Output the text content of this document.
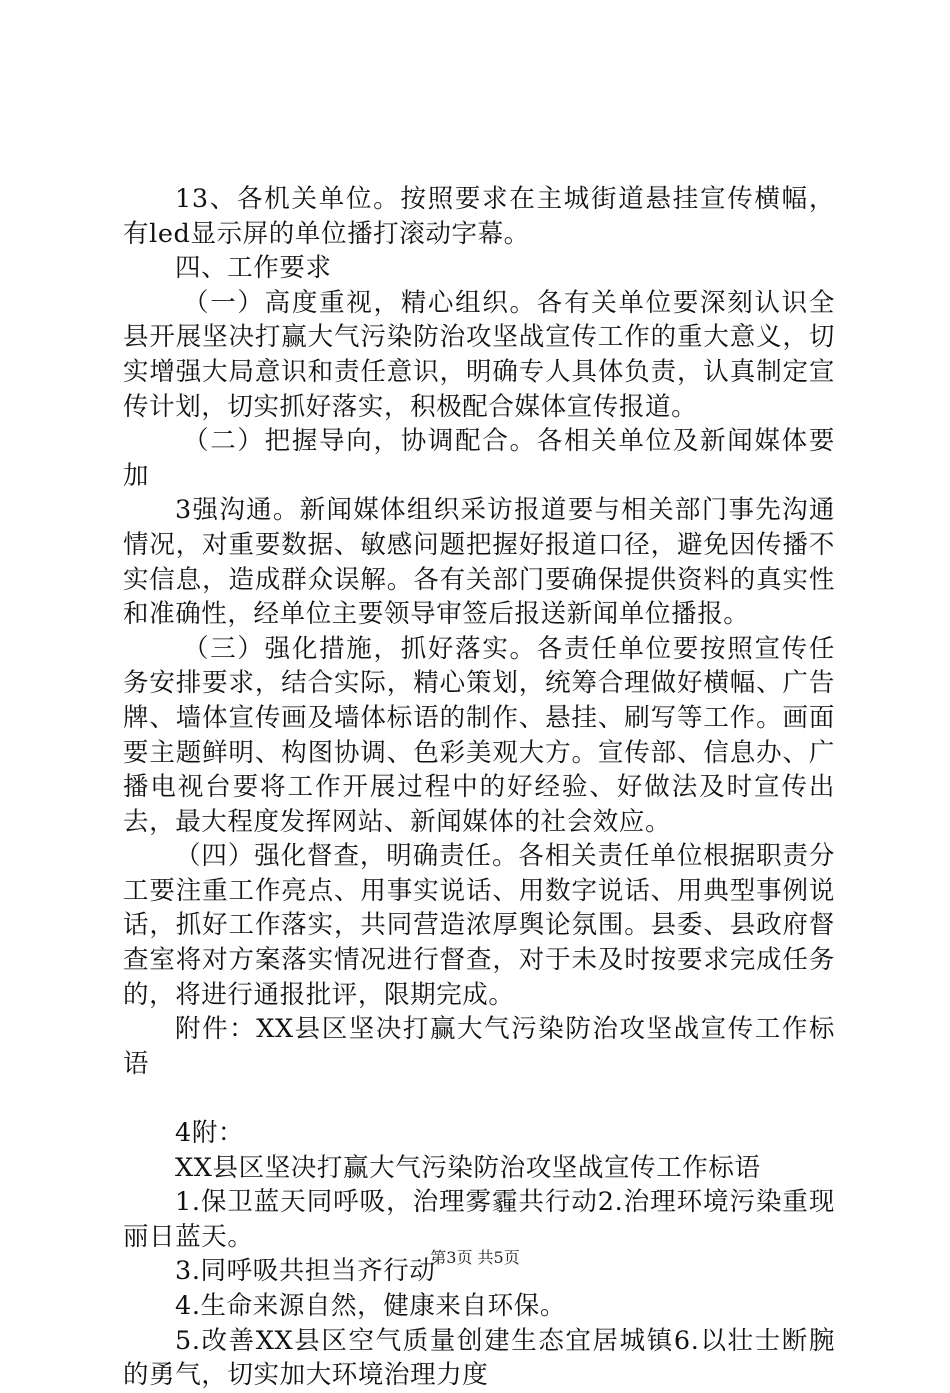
13、各机关单位。按照要求在主城街道悬挂宣传横幅，有led显示屏的单位播打滚动字幕。

四、工作要求

（一）高度重视，精心组织。各有关单位要深刻认识全县开展坚决打赢大气污染防治攻坚战宣传工作的重大意义，切实增强大局意识和责任意识，明确专人具体负责，认真制定宣传计划，切实抓好落实，积极配合媒体宣传报道。

（二）把握导向，协调配合。各相关单位及新闻媒体要加

3强沟通。新闻媒体组织采访报道要与相关部门事先沟通情况，对重要数据、敏感问题把握好报道口径，避免因传播不实信息，造成群众误解。各有关部门要确保提供资料的真实性和准确性，经单位主要领导审签后报送新闻单位播报。

（三）强化措施，抓好落实。各责任单位要按照宣传任务安排要求，结合实际，精心策划，统筹合理做好横幅、广告牌、墙体宣传画及墙体标语的制作、悬挂、刷写等工作。画面要主题鲜明、构图协调、色彩美观大方。宣传部、信息办、广播电视台要将工作开展过程中的好经验、好做法及时宣传出去，最大程度发挥网站、新闻媒体的社会效应。

（四）强化督查，明确责任。各相关责任单位根据职责分工要注重工作亮点、用事实说话、用数字说话、用典型事例说话，抓好工作落实，共同营造浓厚舆论氛围。县委、县政府督查室将对方案落实情况进行督查，对于未及时按要求完成任务的，将进行通报批评，限期完成。

附件：XX县区坚决打赢大气污染防治攻坚战宣传工作标语

4附：

XX县区坚决打赢大气污染防治攻坚战宣传工作标语

1.保卫蓝天同呼吸，治理雾霾共行动2.治理环境污染重现丽日蓝天。

3.同呼吸共担当齐行动

4.生命来源自然，健康来自环保。

5.改善XX县区空气质量创建生态宜居城镇6.以壮士断腕的勇气，切实加大环境治理力度

第3页 共5页
